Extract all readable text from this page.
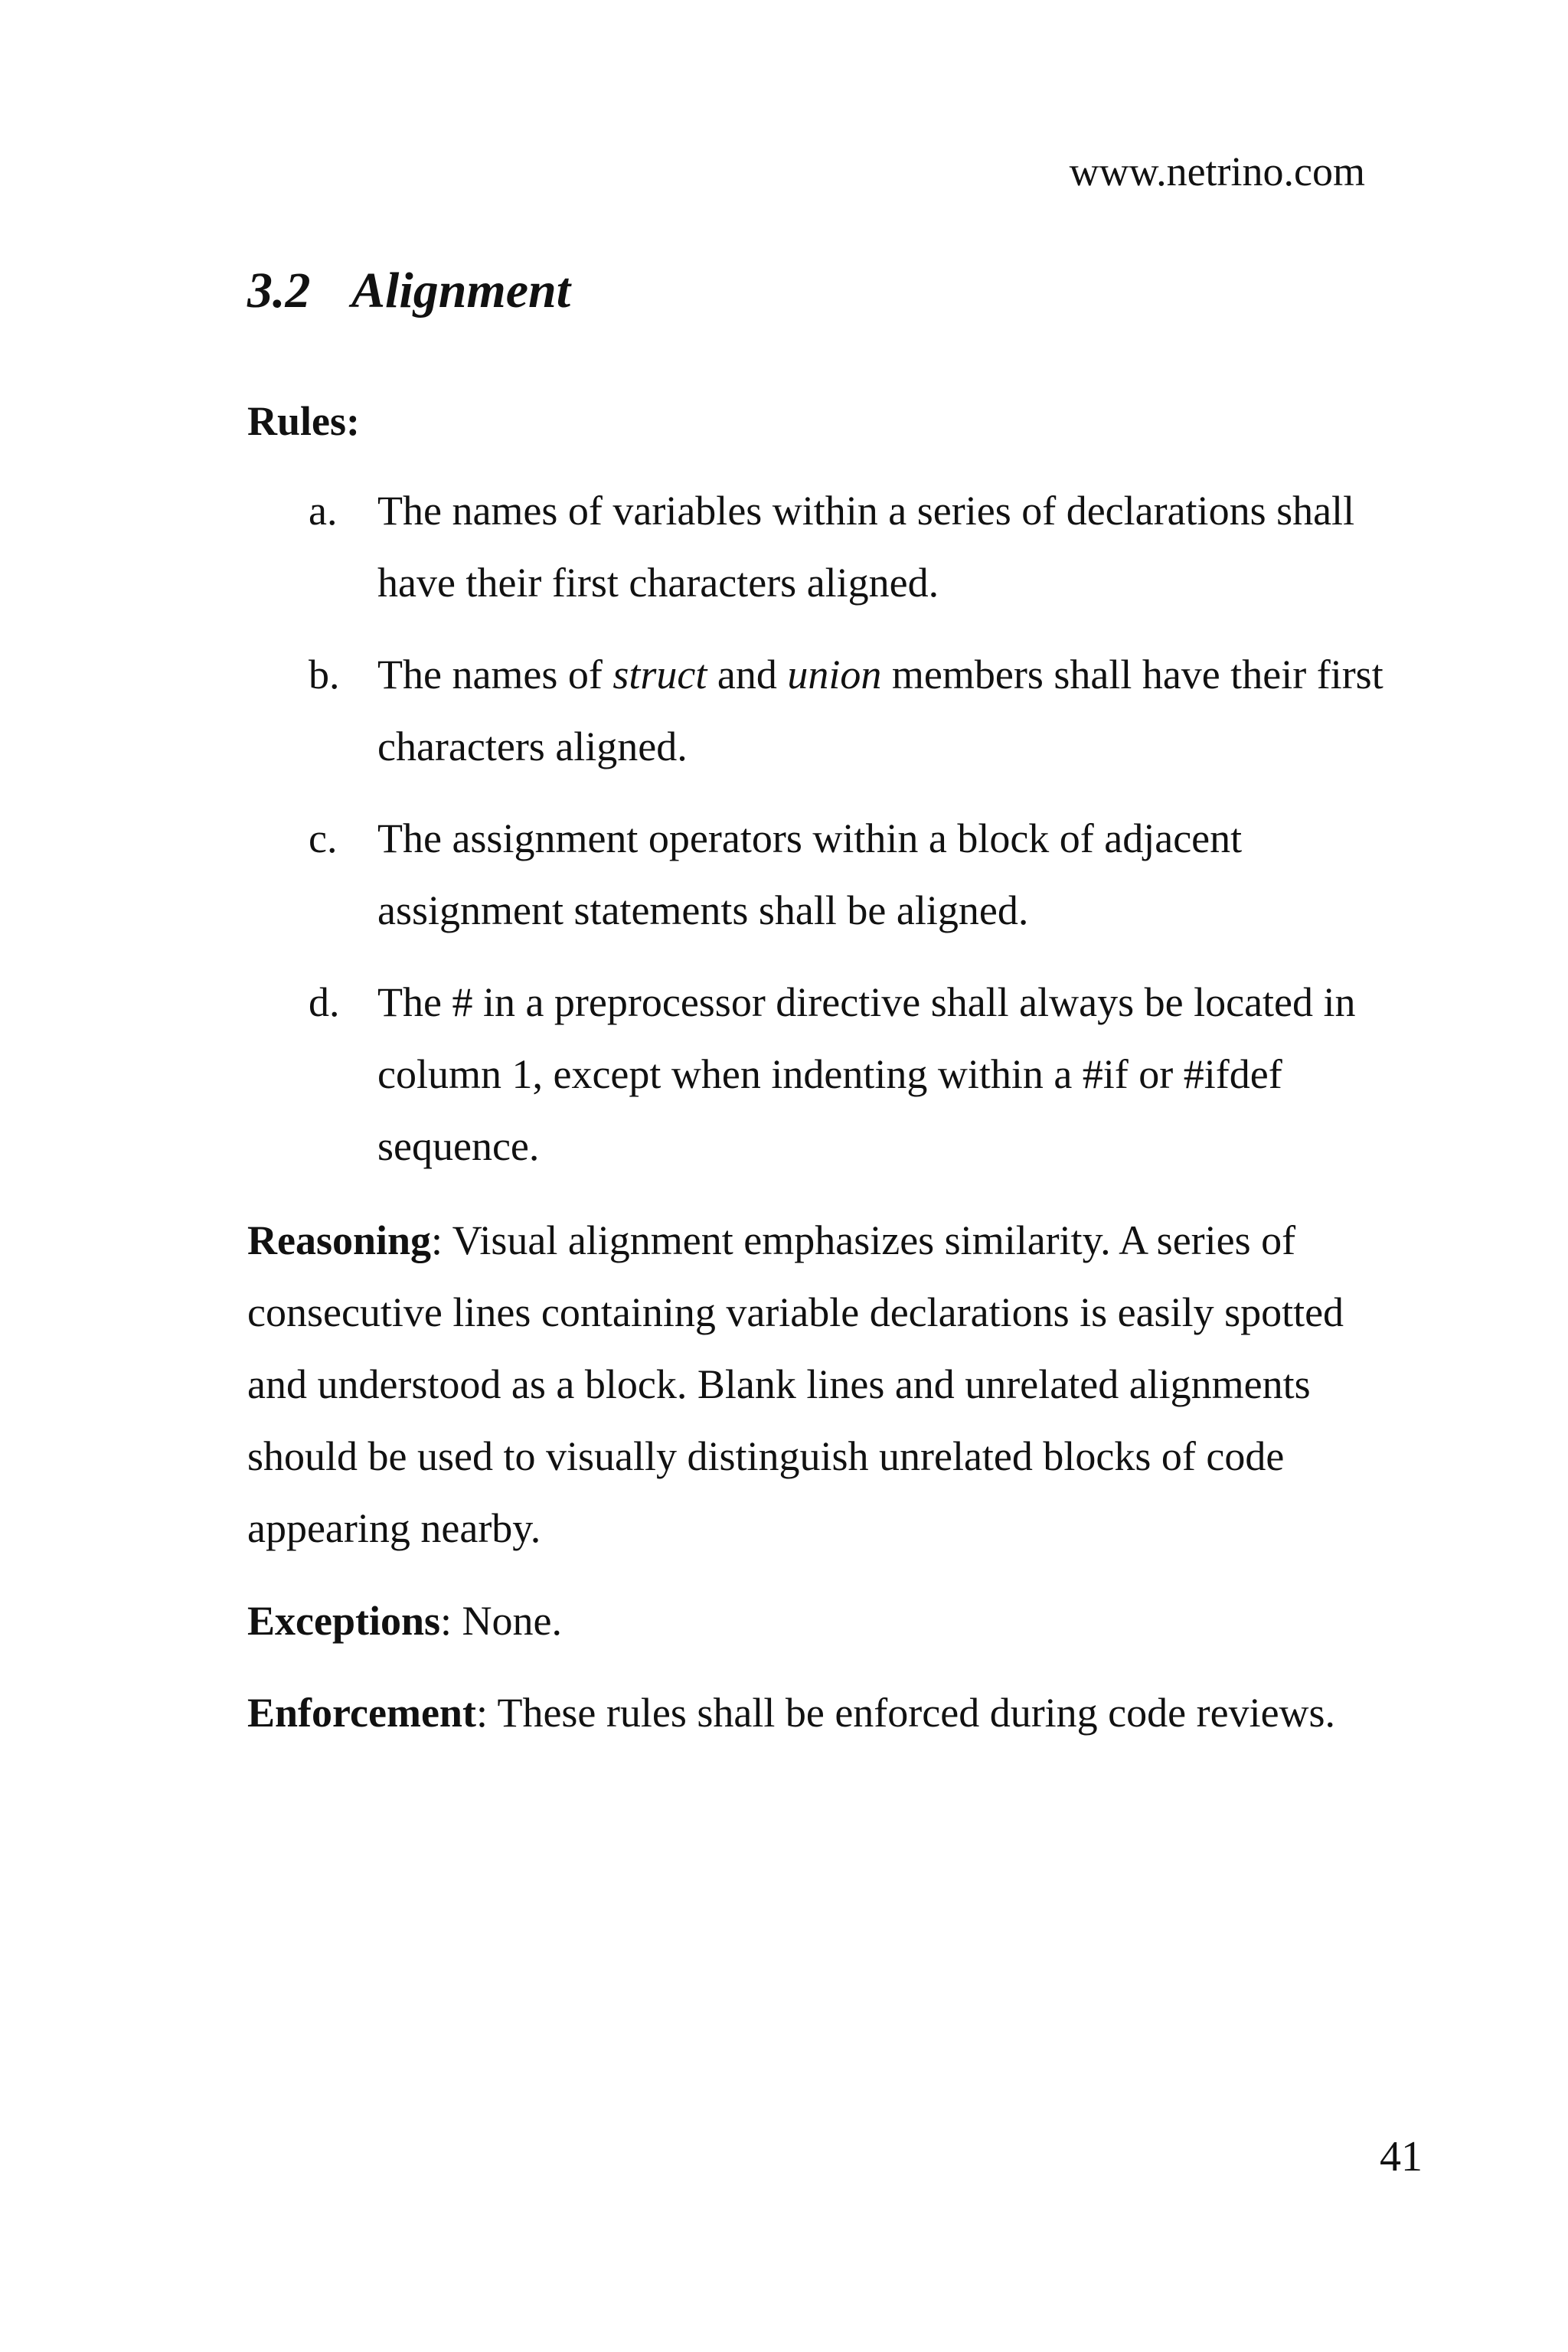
www.netrino.com
3.2 Alignment
Rules:
a. The names of variables within a series of declarations shall have their first characters aligned.
b. The names of struct and union members shall have their first characters aligned.
c. The assignment operators within a block of adjacent assignment statements shall be aligned.
d. The # in a preprocessor directive shall always be located in column 1, except when indenting within a #if or #ifdef sequence.
Reasoning: Visual alignment emphasizes similarity. A series of consecutive lines containing variable declarations is easily spotted and understood as a block. Blank lines and unrelated alignments should be used to visually distinguish unrelated blocks of code appearing nearby.
Exceptions: None.
Enforcement: These rules shall be enforced during code reviews.
41
